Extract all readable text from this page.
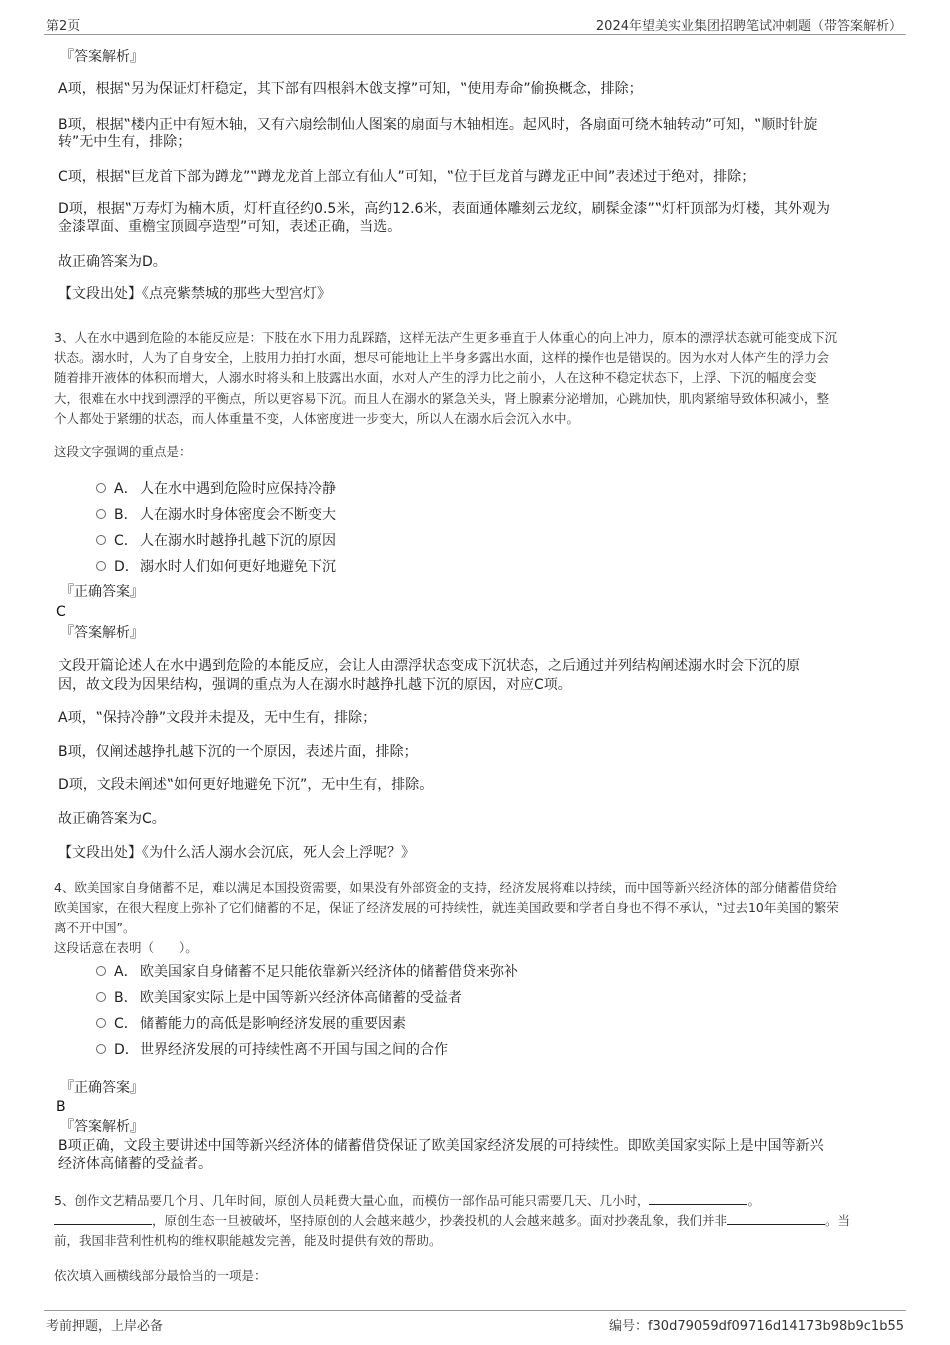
第2页	2024年望美实业集团招聘笔试冲刺题（带答案解析）
『答案解析』
A项，根据‟另为保证灯杆稳定，其下部有四根斜木戗支撑”可知，‟使用寿命”偷换概念，排除；
B项，根据‟楼内正中有短木轴，又有六扇绘制仙人图案的扇面与木轴相连。起风时，各扇面可绕木轴转动”可知，‟顺时针旋
转”无中生有，排除；
C项，根据‟巨龙首下部为蹲龙”‟蹲龙龙首上部立有仙人”可知，‟位于巨龙首与蹲龙正中间”表述过于绝对，排除；
D项，根据‟万寿灯为楠木质，灯杆直径约0.5米，高约12.6米，表面通体雕刻云龙纹，刷髹金漆”‟灯杆顶部为灯楼，其外观为
金漆罩面、重檐宝顶圆亭造型”可知，表述正确，当选。
故正确答案为D。
【文段出处】《点亮紫禁城的那些大型宫灯》
3、人在水中遇到危险的本能反应是：下肢在水下用力乱踩踏，这样无法产生更多垂直于人体重心的向上冲力，原本的漂浮状态就可能变成下沉
状态。溺水时，人为了自身安全，上肢用力拍打水面，想尽可能地让上半身多露出水面，这样的操作也是错误的。因为水对人体产生的浮力会
随着排开液体的体积而增大，人溺水时将头和上肢露出水面，水对人产生的浮力比之前小，人在这种不稳定状态下，上浮、下沉的幅度会变
大，很难在水中找到漂浮的平衡点，所以更容易下沉。而且人在溺水的紧急关头，肾上腺素分泌增加，心跳加快，肌肉紧缩导致体积减小，整
个人都处于紧绷的状态，而人体重量不变，人体密度进一步变大，所以人在溺水后会沉入水中。
这段文字强调的重点是：
A． 人在水中遇到危险时应保持冷静
B． 人在溺水时身体密度会不断变大
C． 人在溺水时越挣扎越下沉的原因
D．溺水时人们如何更好地避免下沉
『正确答案』
C
『答案解析』
文段开篇论述人在水中遇到危险的本能反应，会让人由漂浮状态变成下沉状态，之后通过并列结构阐述溺水时会下沉的原
因，故文段为因果结构，强调的重点为人在溺水时越挣扎越下沉的原因，对应C项。
A项，‟保持冷静”文段并未提及，无中生有，排除；
B项，仅阐述越挣扎越下沉的一个原因，表述片面，排除；
D项，文段未阐述‟如何更好地避免下沉”，无中生有，排除。
故正确答案为C。
【文段出处】《为什么活人溺水会沉底，死人会上浮呢？》
4、欧美国家自身储蓄不足，难以满足本国投资需要，如果没有外部资金的支持，经济发展将难以持续，而中国等新兴经济体的部分储蓄借贷给
欧美国家，在很大程度上弥补了它们储蓄的不足，保证了经济发展的可持续性，就连美国政要和学者自身也不得不承认，‟过去10年美国的繁荣
离不开中国”。
这段话意在表明（　　）。
A． 欧美国家自身储蓄不足只能依靠新兴经济体的储蓄借贷来弥补
B． 欧美国家实际上是中国等新兴经济体高储蓄的受益者
C． 储蓄能力的高低是影响经济发展的重要因素
D．世界经济发展的可持续性离不开国与国之间的合作
『正确答案』
B
『答案解析』
B项正确，文段主要讲述中国等新兴经济体的储蓄借贷保证了欧美国家经济发展的可持续性。即欧美国家实际上是中国等新兴
经济体高储蓄的受益者。
5、创作文艺精品要几个月、几年时间，原创人员耗费大量心血，而模仿一部作品可能只需要几天、几小时，	。
，原创生态一旦被破坏，坚持原创的人会越来越少，抄袭投机的人会越来越多。面对抄袭乱象，我们并非	。当
前，我国非营利性机构的维权职能越发完善，能及时提供有效的帮助。
依次填入画横线部分最恰当的一项是：
考前押题，上岸必备	编号：f30d79059df09716d14173b98b9c1b55
